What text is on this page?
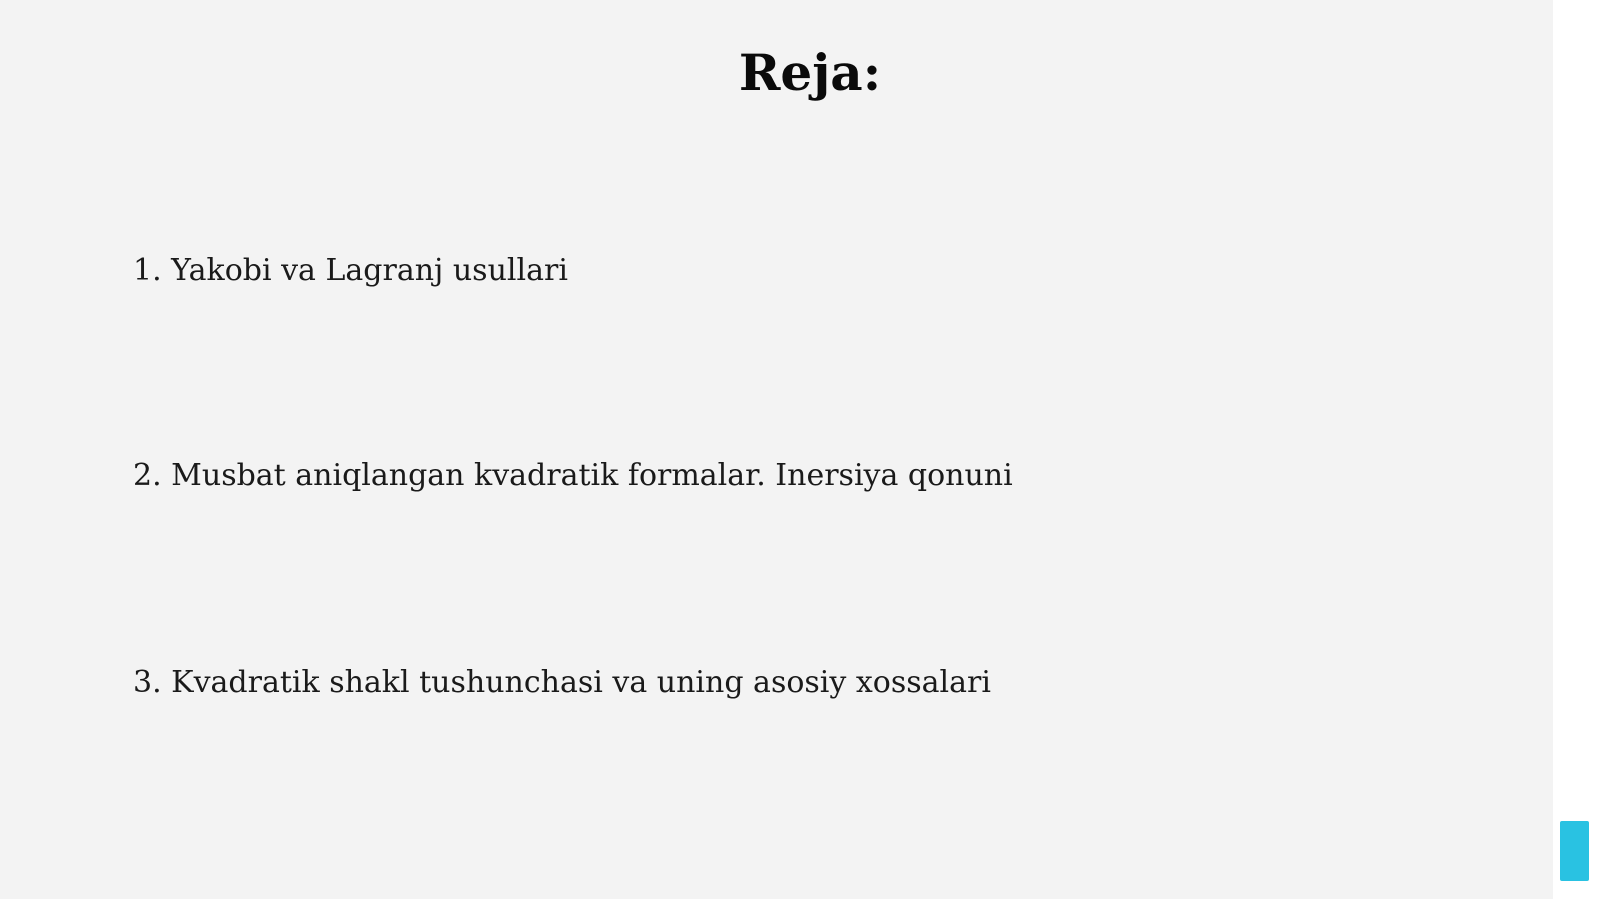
Reja:

1. Yakobi va Lagranj usullari

2. Musbat aniqlangan kvadratik formalar. Inersiya qonuni

3. Kvadratik shakl tushunchasi va uning asosiy xossalari
